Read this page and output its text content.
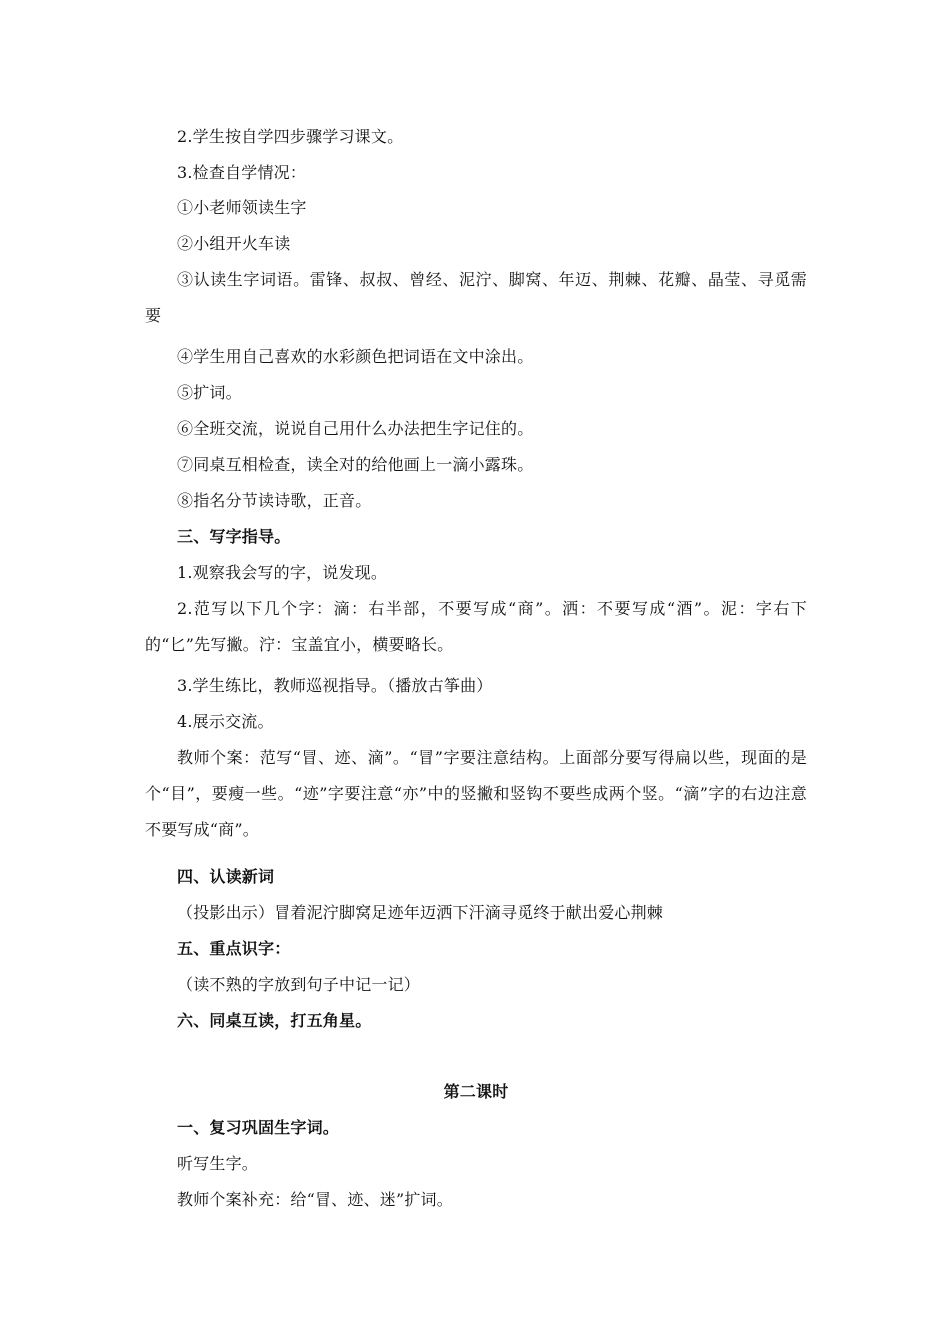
2.学生按自学四步骤学习课文。
3.检查自学情况：
①小老师领读生字
②小组开火车读
③认读生字词语。雷锋、叔叔、曾经、泥泞、脚窝、年迈、荆棘、花瓣、晶莹、寻觅需要
④学生用自己喜欢的水彩颜色把词语在文中涂出。
⑤扩词。
⑥全班交流，说说自己用什么办法把生字记住的。
⑦同桌互相检查，读全对的给他画上一滴小露珠。
⑧指名分节读诗歌，正音。
三、写字指导。
1.观察我会写的字，说发现。
2.范写以下几个字：滴：右半部，不要写成“商”。洒：不要写成“酒”。泥：字右下的“匕”先写撇。泞：宝盖宜小，横要略长。
3.学生练比，教师巡视指导。（播放古筝曲）
4.展示交流。
教师个案：范写“冒、迹、滴”。“冒”字要注意结构。上面部分要写得扁以些，现面的是个“目”，要瘦一些。“迹”字要注意“亦”中的竖撇和竖钩不要些成两个竖。“滴”字的右边注意不要写成“商”。
四、认读新词
（投影出示）冒着泥泞脚窝足迹年迈洒下汗滴寻觅终于献出爱心荆棘
五、重点识字：
（读不熟的字放到句子中记一记）
六、同桌互读，打五角星。
第二课时
一、复习巩固生字词。
听写生字。
教师个案补充：给“冒、迹、迷”扩词。
